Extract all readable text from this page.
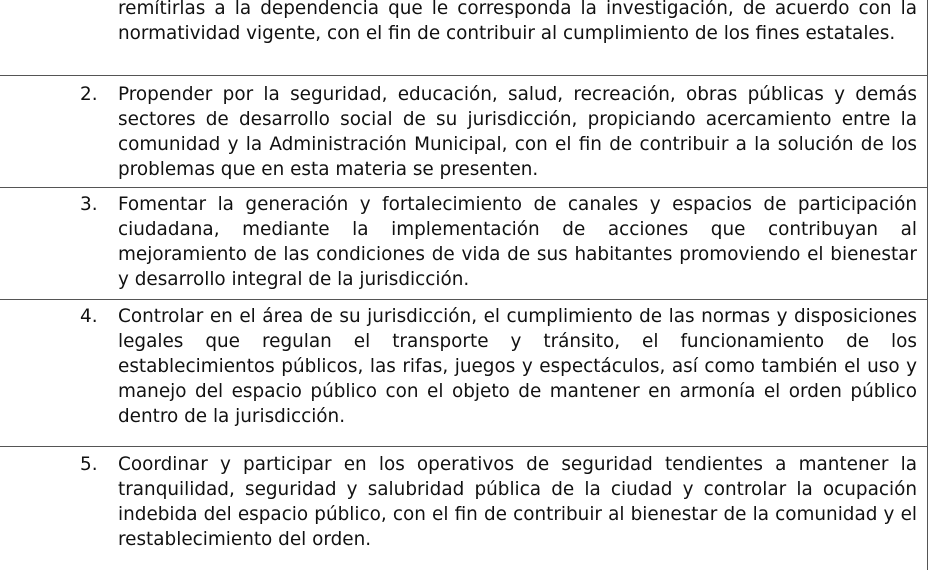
remítirlas a la dependencia que le corresponda la investigación, de acuerdo con la normatividad vigente, con el fin de contribuir al cumplimiento de los fines estatales.
2.	Propender por la seguridad, educación, salud, recreación, obras públicas y demás sectores de desarrollo social de su jurisdicción, propiciando acercamiento entre la comunidad y la Administración Municipal, con el fin de contribuir a la solución de los problemas que en esta materia se presenten.
3.	Fomentar la generación y fortalecimiento de canales y espacios de participación ciudadana, mediante la implementación de acciones que contribuyan al mejoramiento de las condiciones de vida de sus habitantes promoviendo el bienestar y desarrollo integral de la jurisdicción.
4.	Controlar en el área de su jurisdicción, el cumplimiento de las normas y disposiciones legales que regulan el transporte y tránsito, el funcionamiento de los establecimientos públicos, las rifas, juegos y espectáculos, así como también el uso y manejo del espacio público con el objeto de mantener en armonía el orden público dentro de la jurisdicción.
5.	Coordinar y participar en los operativos de seguridad tendientes a mantener la tranquilidad, seguridad y salubridad pública de la ciudad y controlar la ocupación indebida del espacio público, con el fin de contribuir al bienestar de la comunidad y el restablecimiento del orden.
